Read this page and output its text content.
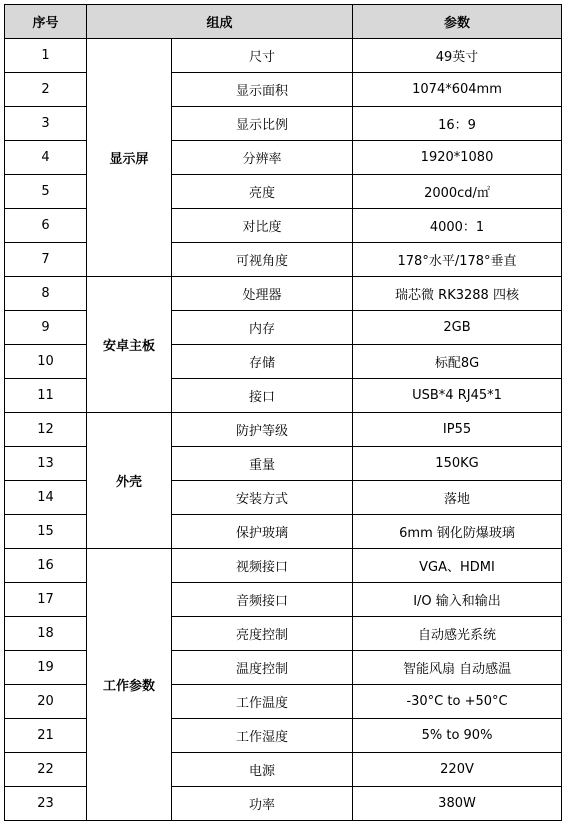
序号	组成		参数
1	显示屏	尺寸	49英寸
2		显示面积	1074*604mm
3		显示比例	16：9
4		分辨率	1920*1080
5		亮度	2000cd/㎡
6		对比度	4000：1
7		可视角度	178°水平/178°垂直
8	安卓主板	处理器	瑞芯微 RK3288 四核
9		内存	2GB
10		存储	标配8G
11		接口	USB*4 RJ45*1
12	外壳	防护等级	IP55
13		重量	150KG
14		安装方式	落地
15		保护玻璃	6mm 钢化防爆玻璃
16	工作参数	视频接口	VGA、HDMI
17		音频接口	I/O 输入和输出
18		亮度控制	自动感光系统
19		温度控制	智能风扇 自动感温
20		工作温度	-30°C to +50°C
21		工作湿度	5% to 90%
22		电源	220V
23		功率	380W
